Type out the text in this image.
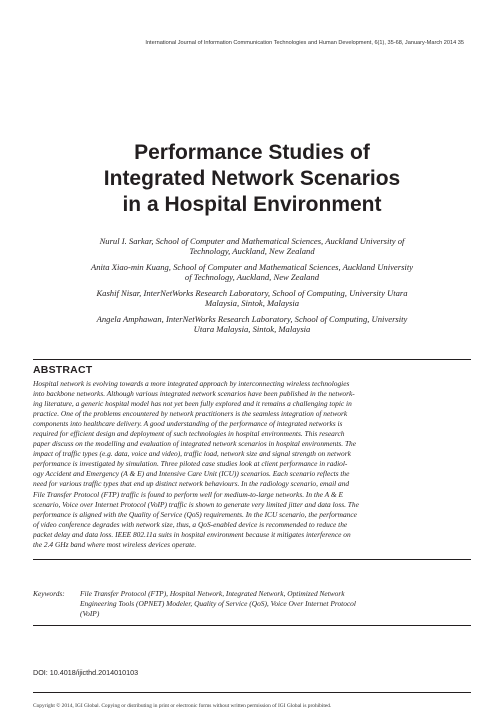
International Journal of Information Communication Technologies and Human Development, 6(1), 35-68, January-March 2014 35
Performance Studies of
Integrated Network Scenarios
in a Hospital Environment
Nurul I. Sarkar, School of Computer and Mathematical Sciences, Auckland University of
Technology, Auckland, New Zealand
Anita Xiao-min Kuang, School of Computer and Mathematical Sciences, Auckland University
of Technology, Auckland, New Zealand
Kashif Nisar, InterNetWorks Research Laboratory, School of Computing, University Utara
Malaysia, Sintok, Malaysia
Angela Amphawan, InterNetWorks Research Laboratory, School of Computing, University
Utara Malaysia, Sintok, Malaysia
ABSTRACT
Hospital network is evolving towards a more integrated approach by interconnecting wireless technologies
into backbone networks. Although various integrated network scenarios have been published in the network-
ing literature, a generic hospital model has not yet been fully explored and it remains a challenging topic in
practice. One of the problems encountered by network practitioners is the seamless integration of network
components into healthcare delivery. A good understanding of the performance of integrated networks is
required for efficient design and deployment of such technologies in hospital environments. This research
paper discuss on the modelling and evaluation of integrated network scenarios in hospital environments. The
impact of traffic types (e.g. data, voice and video), traffic load, network size and signal strength on network
performance is investigated by simulation. Three piloted case studies look at client performance in radiol-
ogy Accident and Emergency (A & E) and Intensive Care Unit (ICU)) scenarios. Each scenario reflects the
need for various traffic types that end up distinct network behaviours. In the radiology scenario, email and
File Transfer Protocol (FTP) traffic is found to perform well for medium-to-large networks. In the A & E
scenario, Voice over Internet Protocol (VoIP) traffic is shown to generate very limited jitter and data loss. The
performance is aligned with the Quality of Service (QoS) requirements. In the ICU scenario, the performance
of video conference degrades with network size, thus, a QoS-enabled device is recommended to reduce the
packet delay and data loss. IEEE 802.11a suits in hospital environment because it mitigates interference on
the 2.4 GHz band where most wireless devices operate.
Keywords: File Transfer Protocol (FTP), Hospital Network, Integrated Network, Optimized Network
Engineering Tools (OPNET) Modeler, Quality of Service (QoS), Voice Over Internet Protocol
(VoIP)
DOI: 10.4018/ijicthd.2014010103
Copyright © 2014, IGI Global. Copying or distributing in print or electronic forms without written permission of IGI Global is prohibited.
